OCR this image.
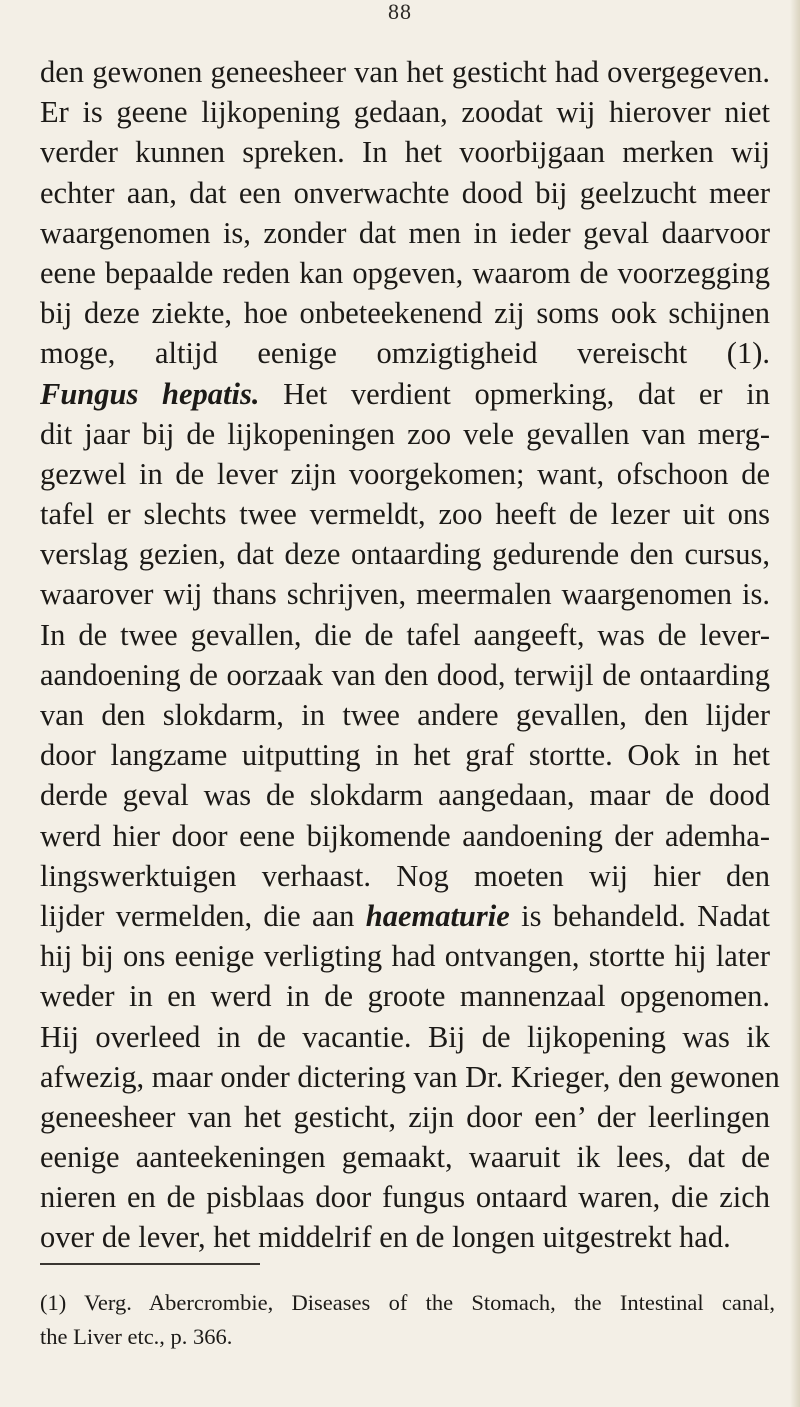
88
den gewonen geneesheer van het gesticht had overgegeven.
Er is geene lijkopening gedaan, zoodat wij hierover niet
verder kunnen spreken. In het voorbijgaan merken wij
echter aan, dat een onverwachte dood bij geelzucht meer
waargenomen is, zonder dat men in ieder geval daarvoor
eene bepaalde reden kan opgeven, waarom de voorzegging
bij deze ziekte, hoe onbeteekenend zij soms ook schijnen
moge, altijd eenige omzigtigheid vereischt (1).
Fungus hepatis. Het verdient opmerking, dat er in
dit jaar bij de lijkopeningen zoo vele gevallen van merg-
gezwel in de lever zijn voorgekomen; want, ofschoon de
tafel er slechts twee vermeldt, zoo heeft de lezer uit ons
verslag gezien, dat deze ontaarding gedurende den cursus,
waarover wij thans schrijven, meermalen waargenomen is.
In de twee gevallen, die de tafel aangeeft, was de lever-
aandoening de oorzaak van den dood, terwijl de ontaarding
van den slokdarm, in twee andere gevallen, den lijder
door langzame uitputting in het graf stortte. Ook in het
derde geval was de slokdarm aangedaan, maar de dood
werd hier door eene bijkomende aandoening der ademha-
lingswerktuigen verhaast. Nog moeten wij hier den
lijder vermelden, die aan haematurie is behandeld. Nadat
hij bij ons eenige verligting had ontvangen, stortte hij later
weder in en werd in de groote mannenzaal opgenomen.
Hij overleed in de vacantie. Bij de lijkopening was ik
afwezig, maar onder dictering van Dr. Krieger, den gewonen
geneesheer van het gesticht, zijn door een’ der leerlingen
eenige aanteekeningen gemaakt, waaruit ik lees, dat de
nieren en de pisblaas door fungus ontaard waren, die zich
over de lever, het middelrif en de longen uitgestrekt had.
(1) Verg. Abercrombie, Diseases of the Stomach, the Intestinal canal,
the Liver etc., p. 366.
